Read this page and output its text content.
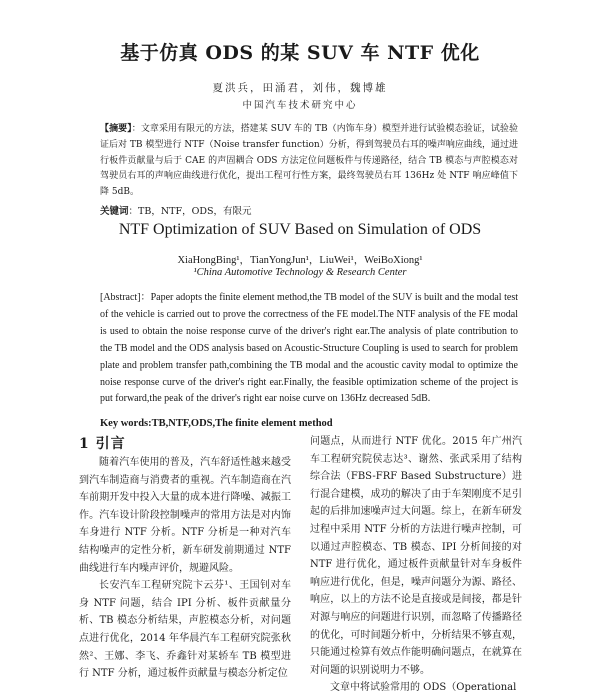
基于仿真 ODS 的某 SUV 车 NTF 优化
夏洪兵，田涌君，刘伟，魏博雄
中国汽车技术研究中心
【摘要】：文章采用有限元的方法，搭建某 SUV 车的 TB（内饰车身）模型并进行试验模态验证，试验验证后对 TB 模型进行 NTF（Noise transfer function）分析，得到驾驶员右耳的噪声响应曲线，通过进行板件贡献量与后于 CAE 的声固耦合 ODS 方法定位问题板件与传递路径，结合 TB 模态与声腔模态对驾驶员右耳的声响应曲线进行优化，提出工程可行性方案，最终驾驶员右耳 136Hz 处 NTF 响应峰值下降 5dB。
关键词：TB，NTF，ODS，有限元
NTF Optimization of SUV Based on Simulation of ODS
XiaHongBing¹，TianYongJun¹，LiuWei¹，WeiBoXiong¹
¹China Automotive Technology & Research Center
[Abstract]：Paper adopts the finite element method,the TB model of the SUV is built and the modal test of the vehicle is carried out to prove the correctness of the FE model.The NTF analysis of the FE modal is used to obtain the noise response curve of the driver's right ear.The analysis of plate contribution to the TB model and the ODS analysis based on Acoustic-Structure Coupling is used to search for problem plate and problem transfer path,combining the TB modal and the acoustic cavity modal to optimize the noise response curve of the driver's right ear.Finally, the feasible optimization scheme of the project is put forward,the peak of the driver's right ear noise curve on 136Hz decreased 5dB.
Key words:TB,NTF,ODS,The finite element method
1 引言

随着汽车使用的普及，汽车舒适性越来越受到汽车制造商与消费者的重视。汽车制造商在汽车前期开发中投入大量的成本进行降噪、减振工作。汽车设计阶段控制噪声的常用方法是对内饰车身进行 NTF 分析。NTF 分析是一种对汽车结构噪声的定性分析，新车研发前期通过 NTF 曲线进行车内噪声评价，规避风险。

长安汽车工程研究院卞云芬¹、王国钊对车身 NTF 问题，结合 IPI 分析、板件贡献量分析、TB 模态分析结果，声腔模态分析，对问题点进行优化，2014 年华晨汽车工程研究院张秋然²、王娜、李飞、乔鑫针对某轿车 TB 模型进行 NTF 分析，通过板件贡献量与模态分析定位

问题点，从而进行 NTF 优化。2015 年广州汽车工程研究院侯志达³、谢然、张武采用了结构综合法（FBS-FRF Based Substructure）进行混合建模，成功的解决了由于车架刚度不足引起的后排加速噪声过大问题。综上，在新车研发过程中采用 NTF 分析的方法进行噪声控制，可以通过声腔模态、TB 模态、IPI 分析间接的对 NTF 进行优化，通过板件贡献量针对车身板件响应进行优化，但是，噪声问题分为源、路径、响应，以上的方法不论是直接或是间接，都是针对源与响应的问题进行识别，而忽略了传播路径的优化，可时间题分析中，分析结果不够直观，只能通过检算有效点作能明确问题点，在就算在对问题的识别说明力不够。

文章中将试验常用的 ODS（Operational
